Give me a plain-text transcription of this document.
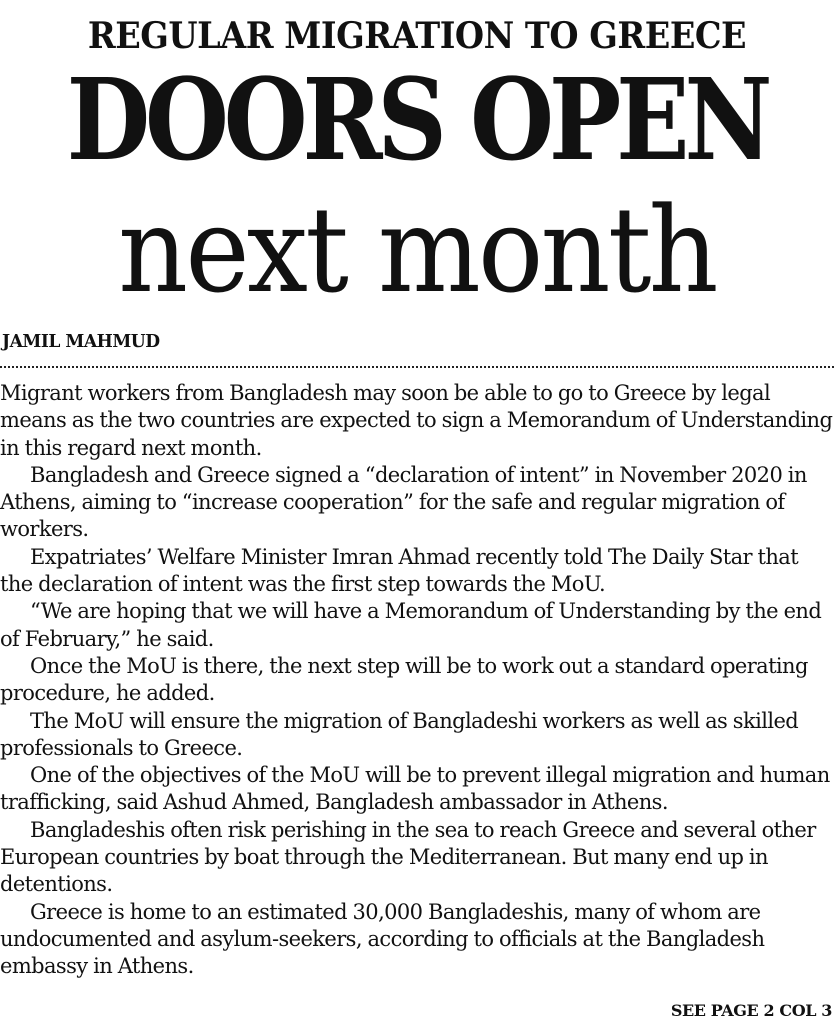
REGULAR MIGRATION TO GREECE
DOORS OPEN
next month
JAMIL MAHMUD

Migrant workers from Bangladesh may soon be able to go to Greece by legal means as the two countries are expected to sign a Memorandum of Understanding in this regard next month.

Bangladesh and Greece signed a “declaration of intent” in November 2020 in Athens, aiming to “increase cooperation” for the safe and regular migration of workers.

Expatriates’ Welfare Minister Imran Ahmad recently told The Daily Star that the declaration of intent was the first step towards the MoU.

“We are hoping that we will have a Memorandum of Understanding by the end of February,” he said.

Once the MoU is there, the next step will be to work out a standard operating procedure, he added.

The MoU will ensure the migration of Bangladeshi workers as well as skilled professionals to Greece.

One of the objectives of the MoU will be to prevent illegal migration and human trafficking, said Ashud Ahmed, Bangladesh ambassador in Athens.

Bangladeshis often risk perishing in the sea to reach Greece and several other European countries by boat through the Mediterranean. But many end up in detentions.

Greece is home to an estimated 30,000 Bangladeshis, many of whom are undocumented and asylum-seekers, according to officials at the Bangladesh embassy in Athens.

SEE PAGE 2 COL 3
